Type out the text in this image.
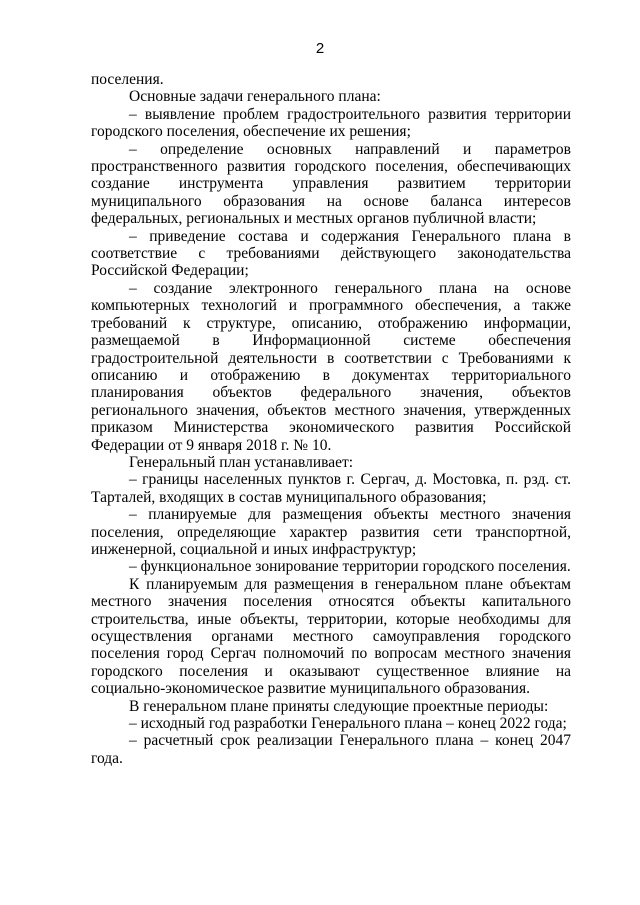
2

поселения.

Основные задачи генерального плана:

– выявление проблем градостроительного развития территории городского поселения, обеспечение их решения;

– определение основных направлений и параметров пространственного развития городского поселения, обеспечивающих создание инструмента управления развитием территории муниципального образования на основе баланса интересов федеральных, региональных и местных органов публичной власти;

– приведение состава и содержания Генерального плана в соответствие с требованиями действующего законодательства Российской Федерации;

– создание электронного генерального плана на основе компьютерных технологий и программного обеспечения, а также требований к структуре, описанию, отображению информации, размещаемой в Информационной системе обеспечения градостроительной деятельности в соответствии с Требованиями к описанию и отображению в документах территориального планирования объектов федерального значения, объектов регионального значения, объектов местного значения, утвержденных приказом Министерства экономического развития Российской Федерации от 9 января 2018 г. № 10.

Генеральный план устанавливает:

– границы населенных пунктов г. Сергач, д. Мостовка, п. рзд. ст. Тарталей, входящих в состав муниципального образования;

– планируемые для размещения объекты местного значения поселения, определяющие характер развития сети транспортной, инженерной, социальной и иных инфраструктур;

– функциональное зонирование территории городского поселения.

К планируемым для размещения в генеральном плане объектам местного значения поселения относятся объекты капитального строительства, иные объекты, территории, которые необходимы для осуществления органами местного самоуправления городского поселения город Сергач полномочий по вопросам местного значения городского поселения и оказывают существенное влияние на социально-экономическое развитие муниципального образования.

В генеральном плане приняты следующие проектные периоды:

– исходный год разработки Генерального плана – конец 2022 года;

– расчетный срок реализации Генерального плана – конец 2047 года.
